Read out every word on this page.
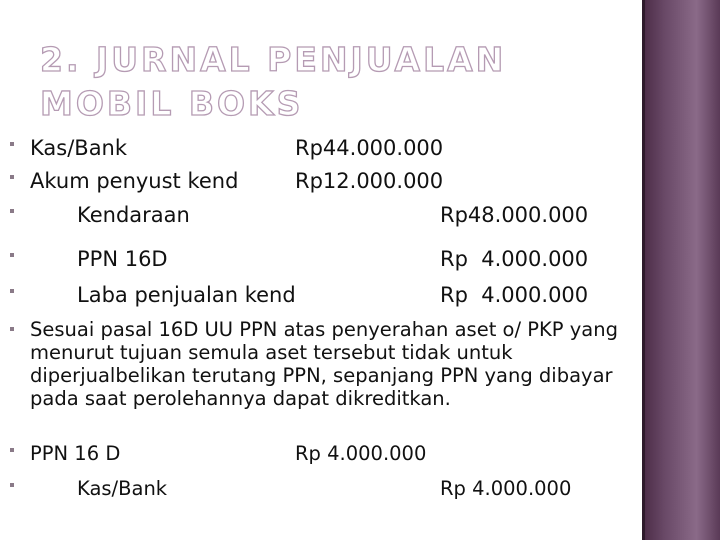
2. JURNAL PENJUALAN MOBIL BOKS
Kas/Bank	Rp44.000.000
Akum penyust kend	Rp12.000.000
Kendaraan	Rp48.000.000
PPN 16D	Rp  4.000.000
Laba penjualan kend	Rp  4.000.000
Sesuai pasal 16D UU PPN atas penyerahan aset o/ PKP yang menurut tujuan semula aset tersebut tidak untuk diperjualbelikan terutang PPN, sepanjang PPN yang dibayar pada saat perolehannya dapat dikreditkan.
PPN 16 D	Rp 4.000.000
Kas/Bank	Rp 4.000.000
